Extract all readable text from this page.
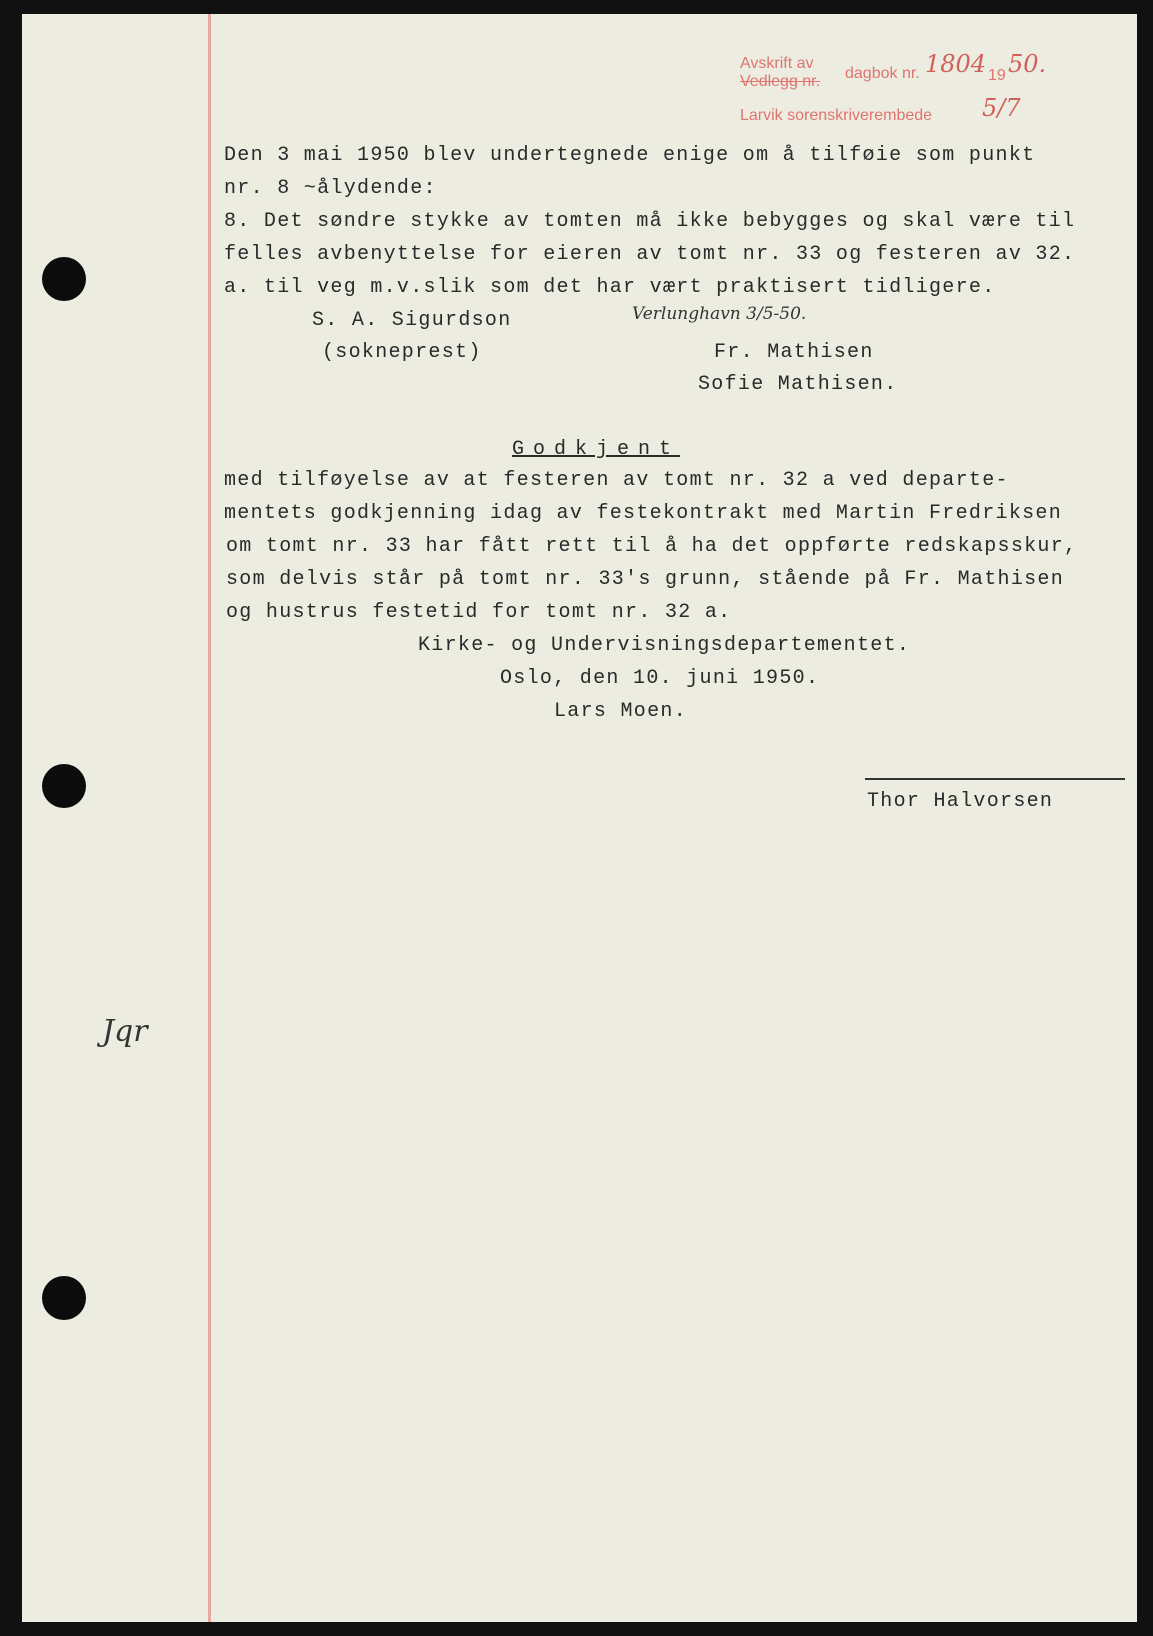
Avskrift av
Vedlegg nr. dagbok nr. 1804 19 50.
Larvik sorenskriverembede 5/7
Den 3 mai 1950 blev undertegnede enige om å tilføie som punkt
nr. 8 ~ålydende:
8. Det søndre stykke av tomten må ikke bebygges og skal være til
felles avbenyttelse for eieren av tomt nr. 33 og festeren av 32.
a. til veg m.v.slik som det har vært praktisert tidligere.
S. A. Sigurdson	Verlunghavn 3/5-50.
(sokneprest)	Fr. Mathisen
Sofie Mathisen.
Godkjent
med tilføyelse av at festeren av tomt nr. 32 a ved departe-
mentets godkjenning idag av festekontrakt med Martin Fredriksen
om tomt nr. 33 har fått rett til å ha det oppførte redskapsskur,
som delvis står på tomt nr. 33's grunn, stående på Fr. Mathisen
og hustrus festetid for tomt nr. 32 a.
Kirke- og Undervisningsdepartementet.
Oslo, den 10. juni 1950.
Lars Moen.
Thor Halvorsen
Jqr
